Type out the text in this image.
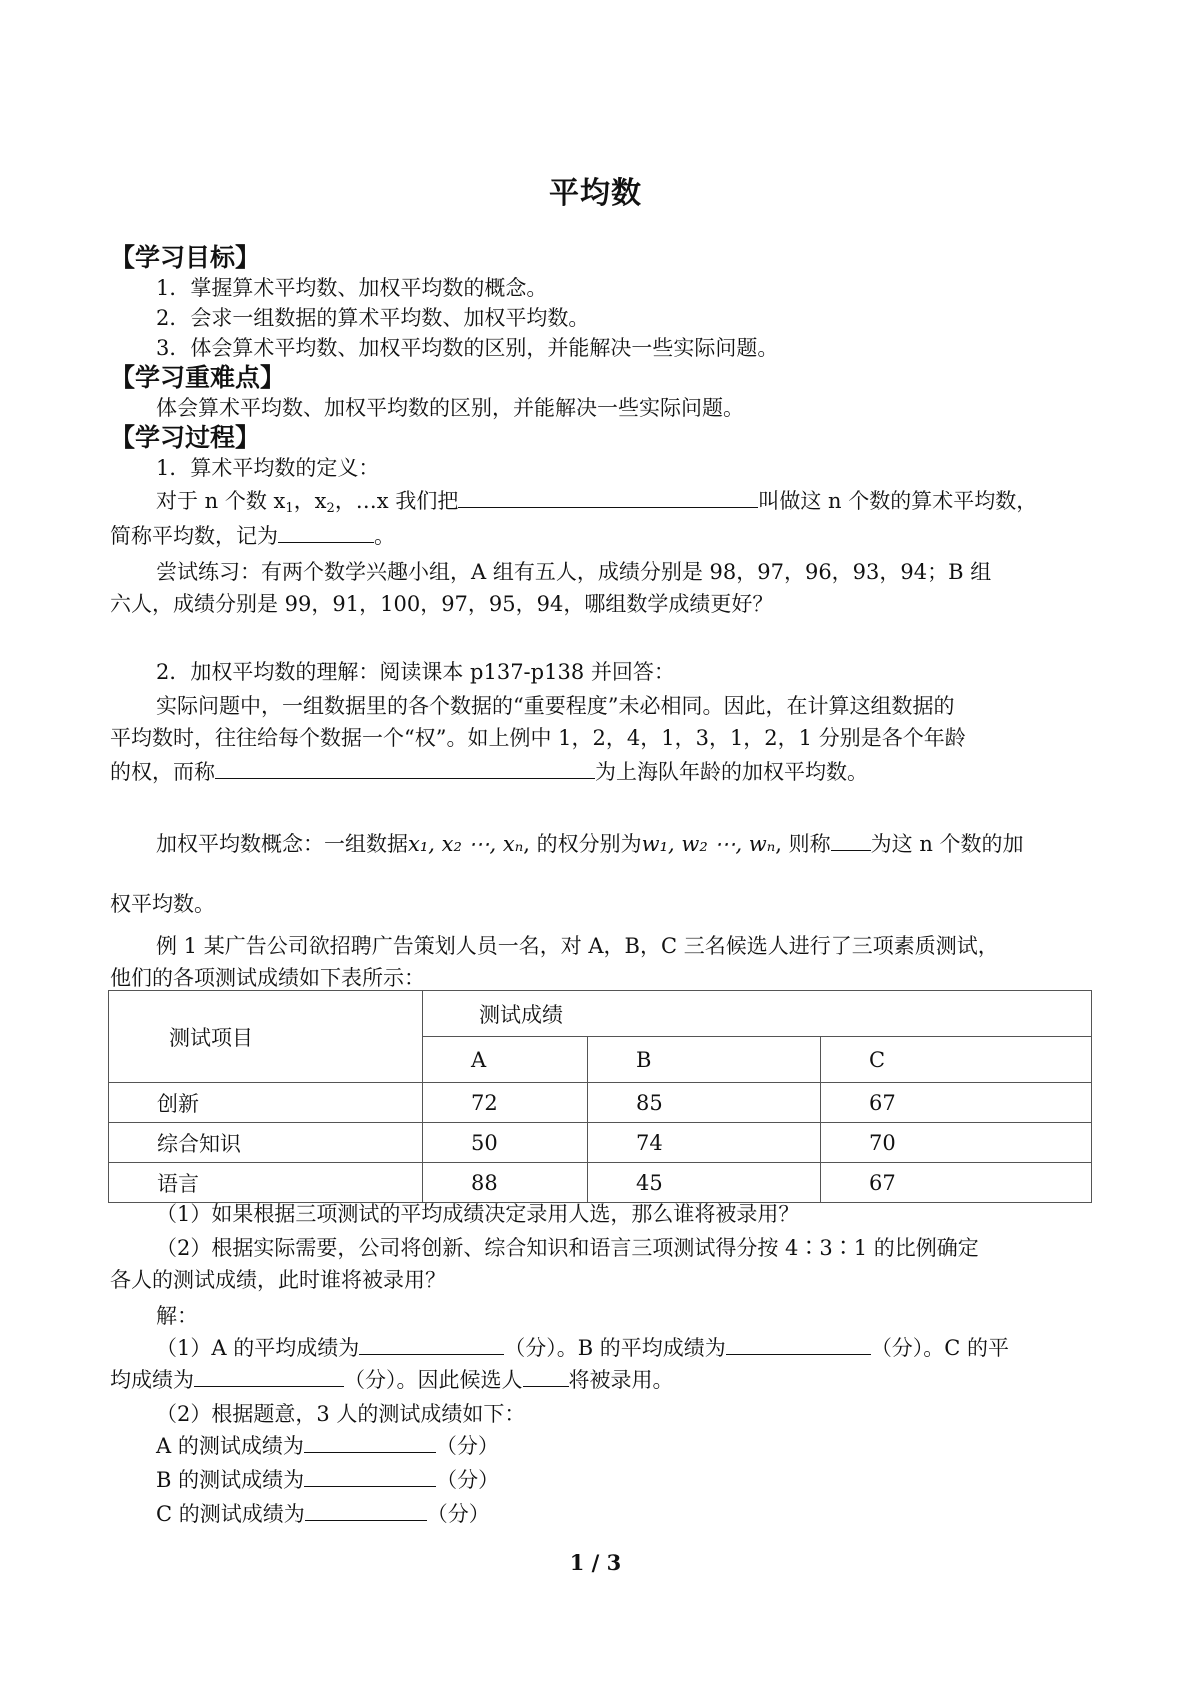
平均数
【学习目标】
1．掌握算术平均数、加权平均数的概念。
2．会求一组数据的算术平均数、加权平均数。
3．体会算术平均数、加权平均数的区别，并能解决一些实际问题。
【学习重难点】
体会算术平均数、加权平均数的区别，并能解决一些实际问题。
【学习过程】
1．算术平均数的定义：
对于 n 个数 $x_1$，$x_2$，…x 我们把	叫做这 n 个数的算术平均数，
简称平均数，记为	。
尝试练习：有两个数学兴趣小组，A 组有五人，成绩分别是 98，97，96，93，94；B 组
六人，成绩分别是 99，91，100，97，95，94，哪组数学成绩更好？
2．加权平均数的理解：阅读课本 p137-p138 并回答：
实际问题中，一组数据里的各个数据的“重要程度”未必相同。因此，在计算这组数据的
平均数时，往往给每个数据一个“权”。如上例中 1，2，4，1，3，1，2，1 分别是各个年龄
的权，而称	为上海队年龄的加权平均数。
加权平均数概念：一组数据x₁, x₂ ⋯, xₙ, 的权分别为w₁, w₂ ⋯, wₙ, 则称 为这 n 个数的加
权平均数。
例 1 某广告公司欲招聘广告策划人员一名，对 A，B，C 三名候选人进行了三项素质测试，
他们的各项测试成绩如下表所示：
测试项目	测试成绩		
	A	B	C
创新	72	85	67
综合知识	50	74	70
语言	88	45	67
（1）如果根据三项测试的平均成绩决定录用人选，那么谁将被录用？
（2）根据实际需要，公司将创新、综合知识和语言三项测试得分按 4∶3∶1 的比例确定
各人的测试成绩，此时谁将被录用？
解：
（1）A 的平均成绩为	（分）。B 的平均成绩为	（分）。C 的平
均成绩为	（分）。因此候选人 将被录用。
（2）根据题意，3 人的测试成绩如下：
A 的测试成绩为	（分）
B 的测试成绩为	（分）
C 的测试成绩为	（分）
1 / 3
